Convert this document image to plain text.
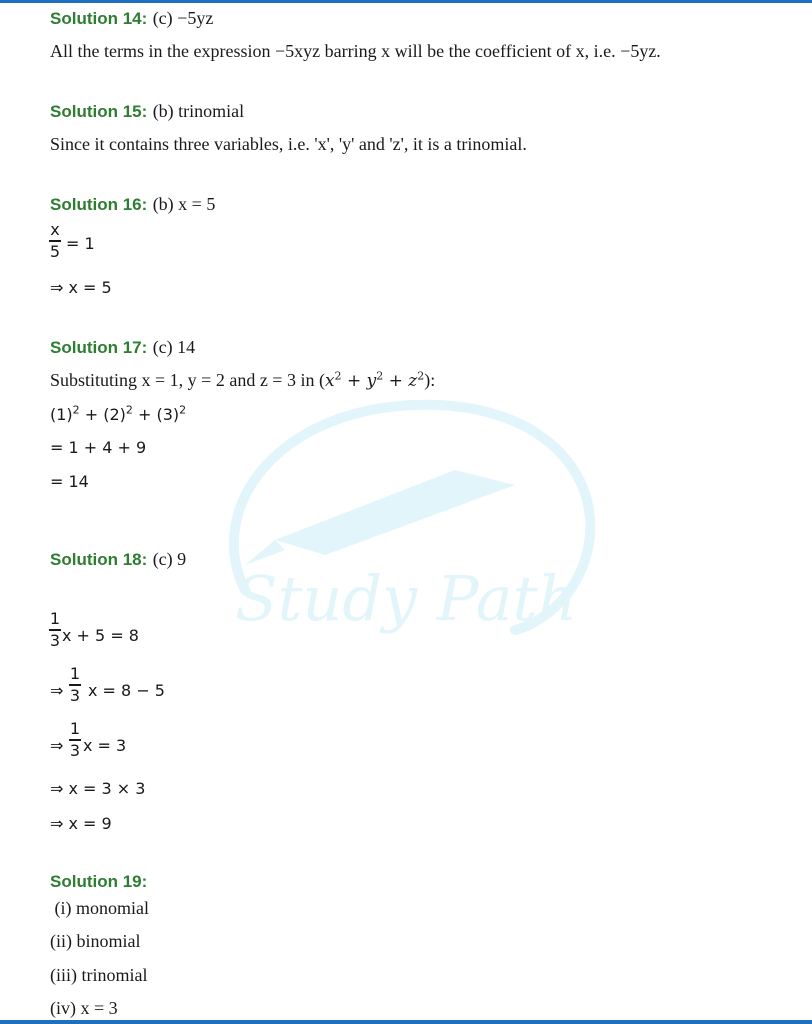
Study Path
Solution 14: (c) −5yz
All the terms in the expression −5xyz barring x will be the coefficient of x, i.e. −5yz.
Solution 15: (b) trinomial
Since it contains three variables, i.e. 'x', 'y' and 'z', it is a trinomial.
Solution 16: (b) x = 5
x
5 = 1
⇒ x = 5
Solution 17: (c) 14
Substituting x = 1, y = 2 and z = 3 in $(x^2 + y^2 + z^2)$:
$(1)^2 + (2)^2 + (3)^2$
= 1 + 4 + 9
= 14
Solution 18: (c) 9
1
3 x + 5 = 8
⇒
1
3 x = 8 − 5
⇒
1
3 x = 3
⇒ x = 3 × 3
⇒ x = 9
Solution 19:
(i) monomial
(ii) binomial
(iii) trinomial
(iv) x = 3
